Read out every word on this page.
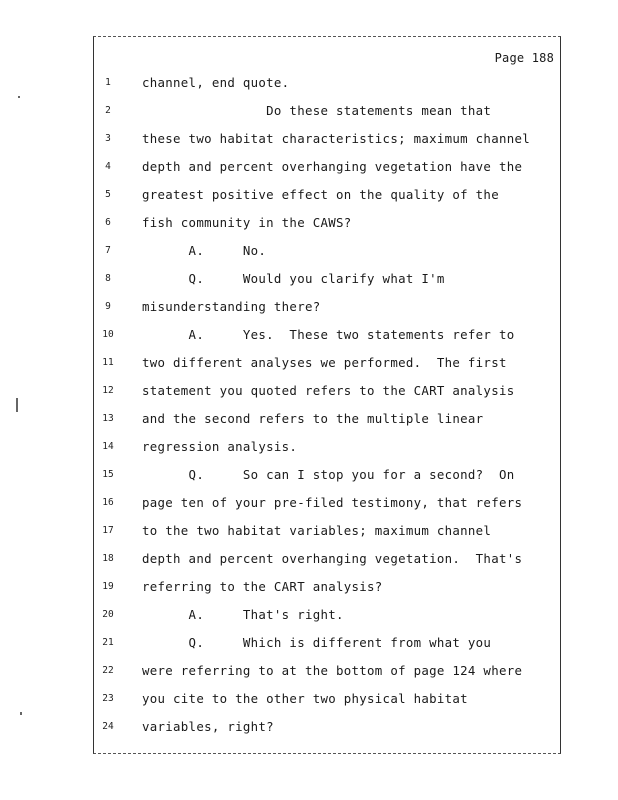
Page 188
1	channel, end quote.
2	Do these statements mean that
3	these two habitat characteristics; maximum channel
4	depth and percent overhanging vegetation have the
5	greatest positive effect on the quality of the
6	fish community in the CAWS?
7	A.     No.
8	Q.     Would you clarify what I'm
9	misunderstanding there?
10	A.     Yes.  These two statements refer to
11	two different analyses we performed.  The first
12	statement you quoted refers to the CART analysis
13	and the second refers to the multiple linear
14	regression analysis.
15	Q.     So can I stop you for a second?  On
16	page ten of your pre-filed testimony, that refers
17	to the two habitat variables; maximum channel
18	depth and percent overhanging vegetation.  That's
19	referring to the CART analysis?
20	A.     That's right.
21	Q.     Which is different from what you
22	were referring to at the bottom of page 124 where
23	you cite to the other two physical habitat
24	variables, right?
